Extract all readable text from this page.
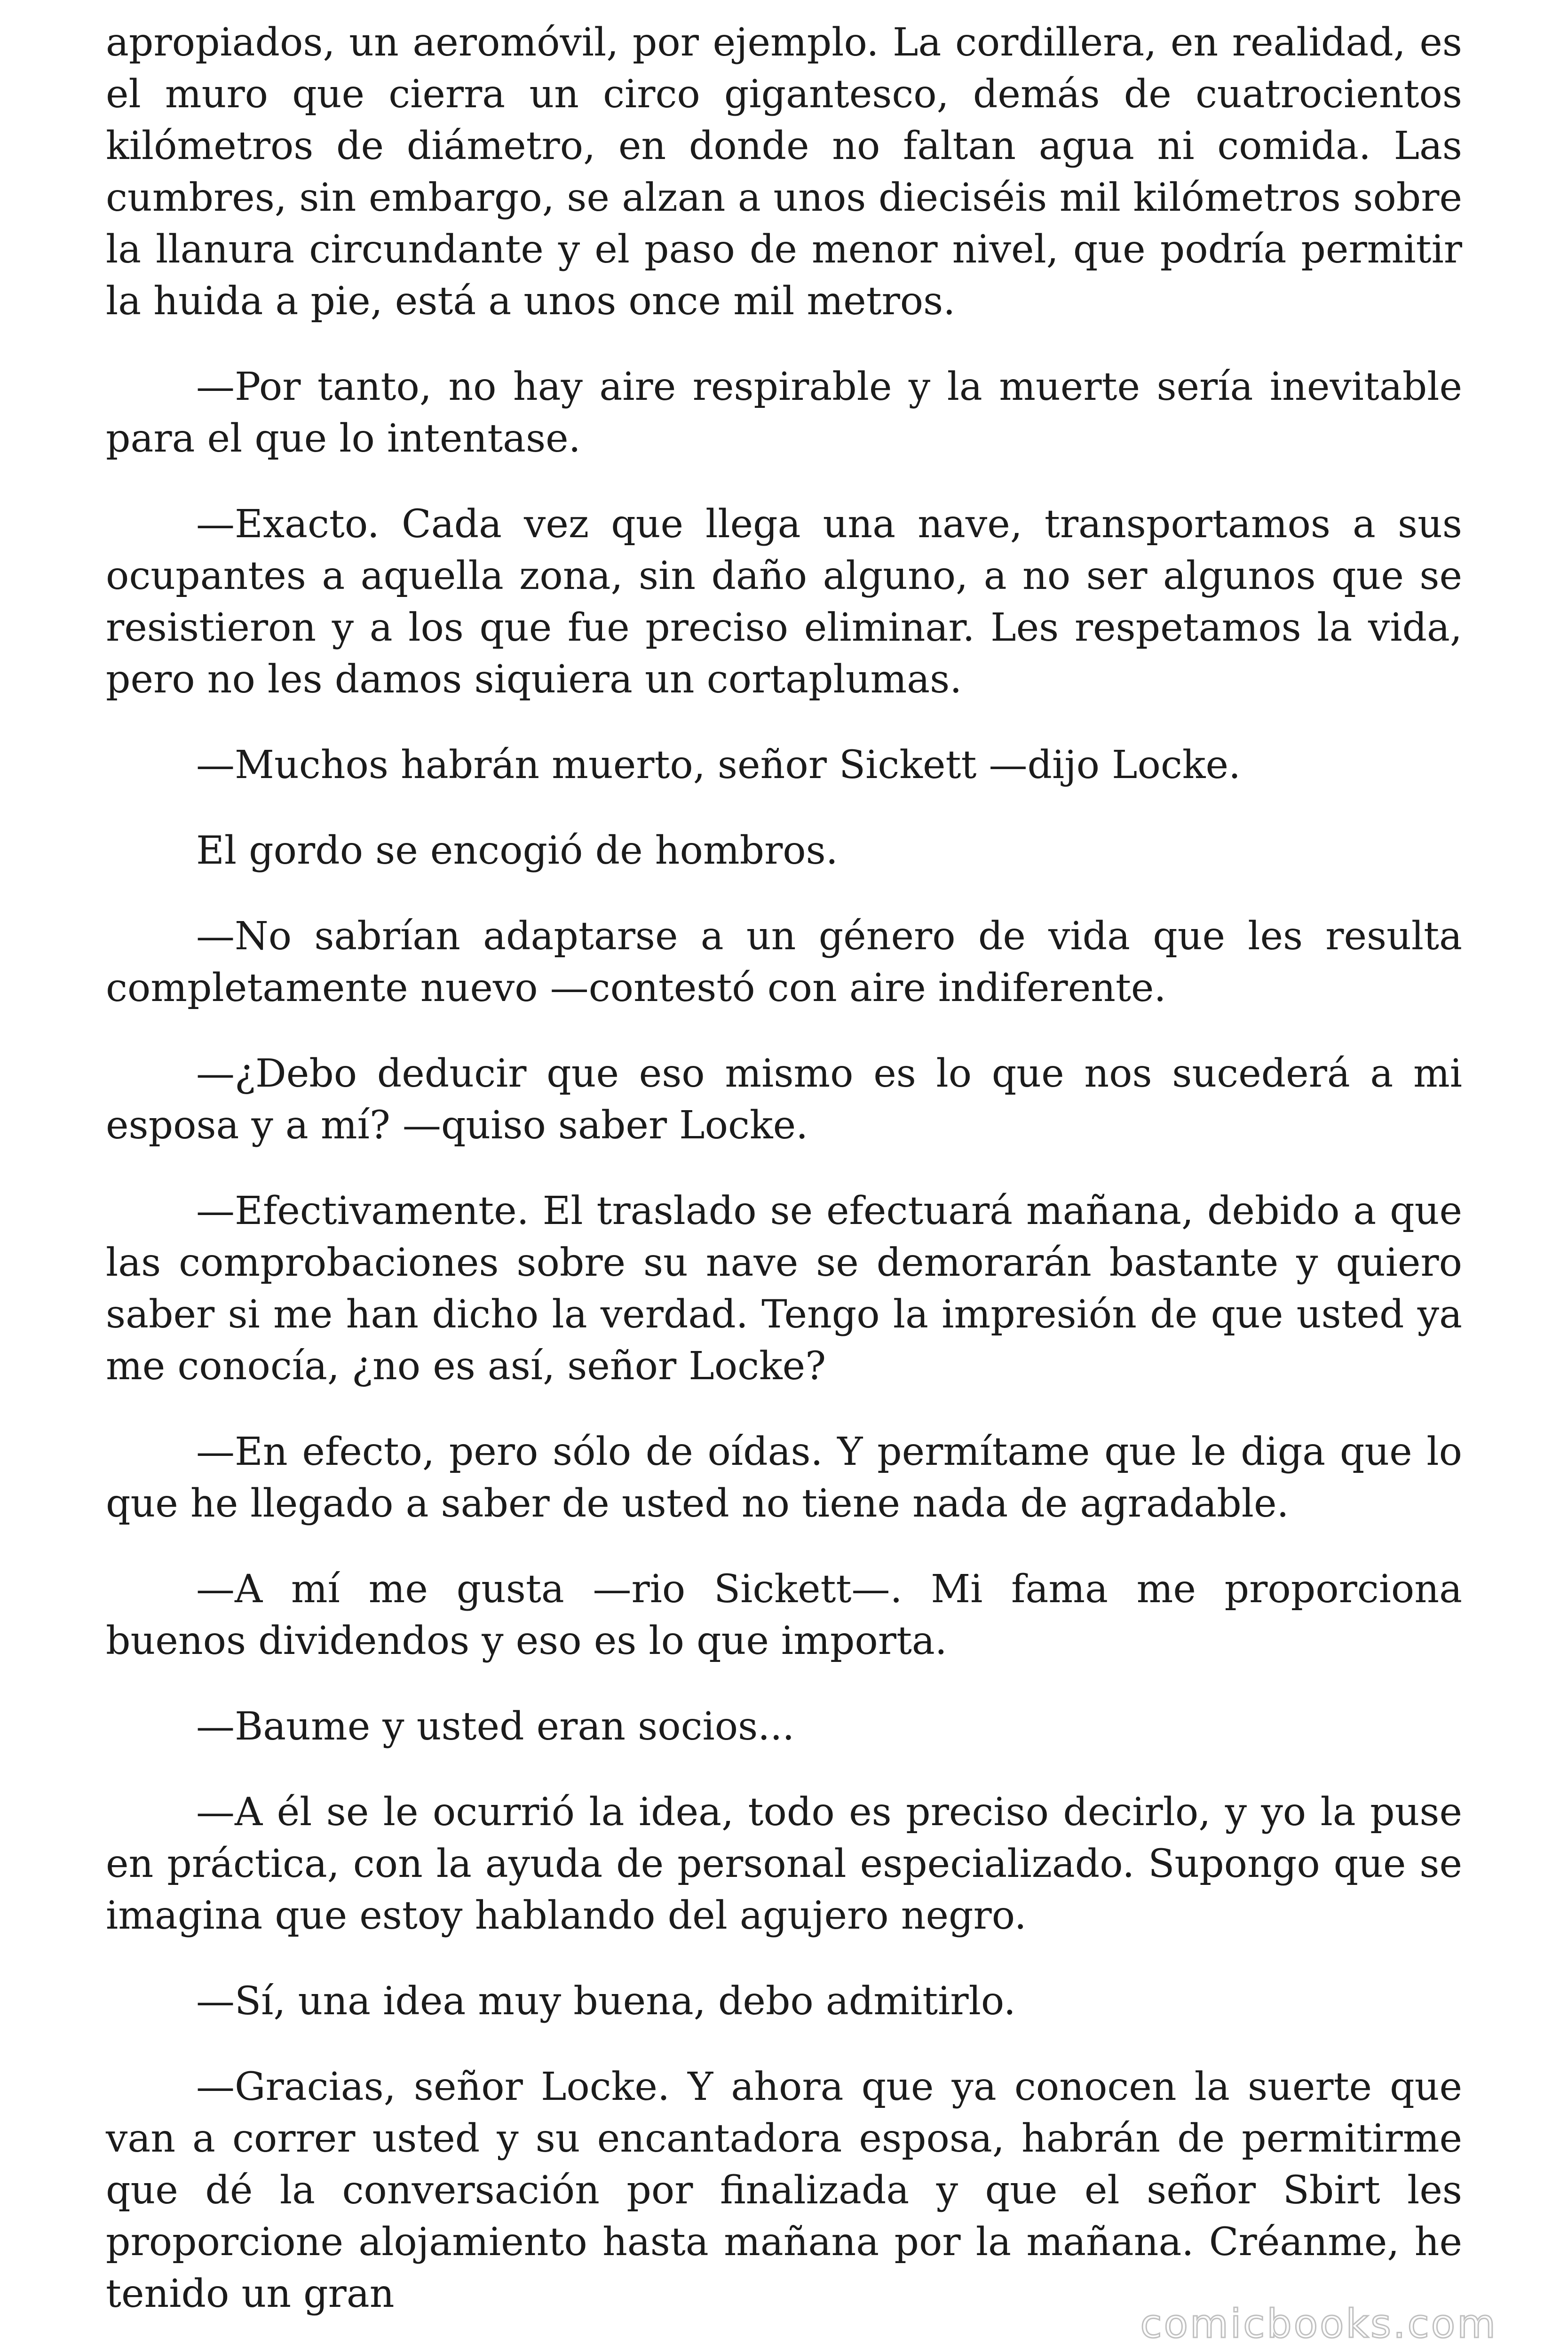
apropiados, un aeromóvil, por ejemplo. La cordillera, en realidad, es el muro que cierra un circo gigantesco, demás de cuatrocientos kilómetros de diámetro, en donde no faltan agua ni comida. Las cumbres, sin embargo, se alzan a unos dieciséis mil kilómetros sobre la llanura circundante y el paso de menor nivel, que podría permitir la huida a pie, está a unos once mil metros.

—Por tanto, no hay aire respirable y la muerte sería inevitable para el que lo intentase.

—Exacto. Cada vez que llega una nave, transportamos a sus ocupantes a aquella zona, sin daño alguno, a no ser algunos que se resistieron y a los que fue preciso eliminar. Les respetamos la vida, pero no les damos siquiera un cortaplumas.

—Muchos habrán muerto, señor Sickett —dijo Locke.

El gordo se encogió de hombros.

—No sabrían adaptarse a un género de vida que les resulta completamente nuevo —contestó con aire indiferente.

—¿Debo deducir que eso mismo es lo que nos sucederá a mi esposa y a mí? —quiso saber Locke.

—Efectivamente. El traslado se efectuará mañana, debido a que las comprobaciones sobre su nave se demorarán bastante y quiero saber si me han dicho la verdad. Tengo la impresión de que usted ya me conocía, ¿no es así, señor Locke?

—En efecto, pero sólo de oídas. Y permítame que le diga que lo que he llegado a saber de usted no tiene nada de agradable.

—A mí me gusta —rio Sickett—. Mi fama me proporciona buenos dividendos y eso es lo que importa.

—Baume y usted eran socios...

—A él se le ocurrió la idea, todo es preciso decirlo, y yo la puse en práctica, con la ayuda de personal especializado. Supongo que se imagina que estoy hablando del agujero negro.

—Sí, una idea muy buena, debo admitirlo.

—Gracias, señor Locke. Y ahora que ya conocen la suerte que van a correr usted y su encantadora esposa, habrán de permitirme que dé la conversación por finalizada y que el señor Sbirt les proporcione alojamiento hasta mañana por la mañana. Créanme, he tenido un gran

comicbooks.com
